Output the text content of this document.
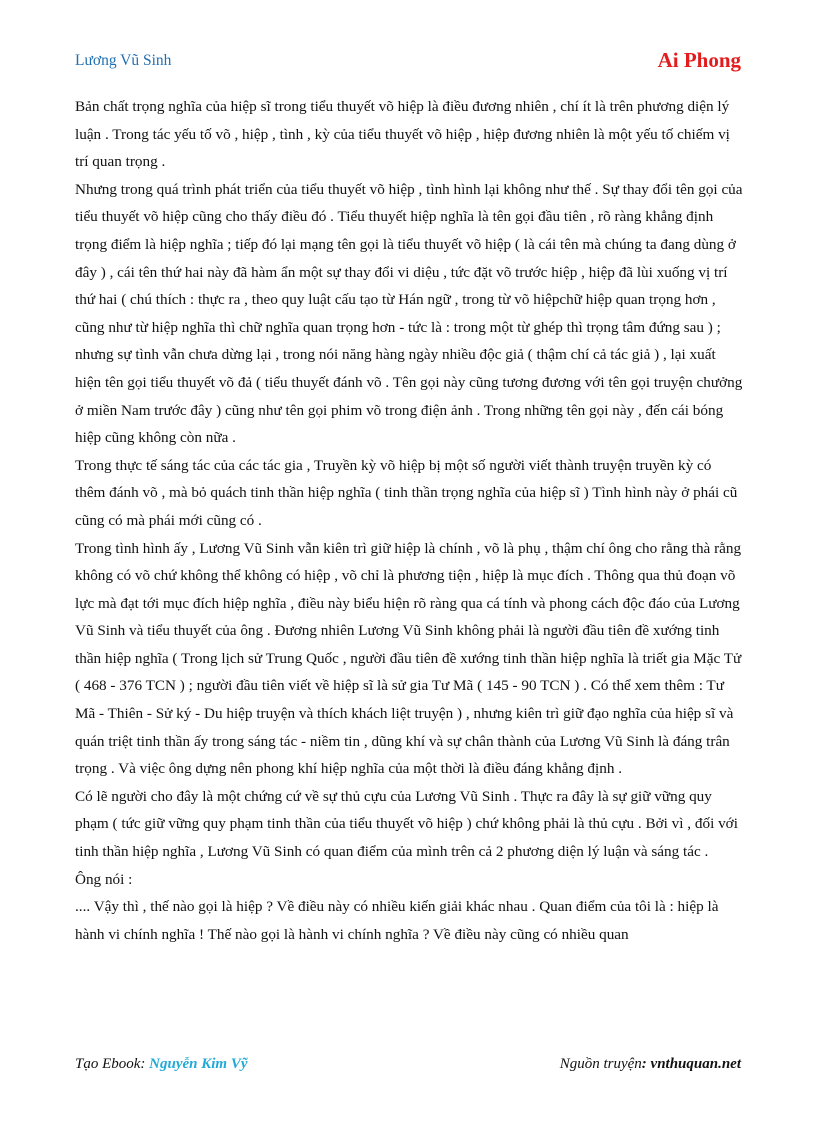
Lương Vũ Sinh	Ai Phong

Bản chất trọng nghĩa của hiệp sĩ trong tiểu thuyết võ hiệp là điều đương nhiên , chí ít là trên phương diện lý luận . Trong tác yếu tố võ , hiệp , tình , kỳ của tiểu thuyết võ hiệp , hiệp đương nhiên là một yếu tố chiếm vị trí quan trọng .

Nhưng trong quá trình phát triển của tiểu thuyết võ hiệp , tình hình lại không như thế . Sự thay đổi tên gọi của tiểu thuyết võ hiệp cũng cho thấy điều đó . Tiểu thuyết hiệp nghĩa là tên gọi đầu tiên , rõ ràng khẳng định trọng điểm là hiệp nghĩa ; tiếp đó lại mạng tên gọi là tiểu thuyết võ hiệp ( là cái tên mà chúng ta đang dùng ở đây ) , cái tên thứ hai này đã hàm ẩn một sự thay đổi vi diệu , tức đặt võ trước hiệp , hiệp đã lùi xuống vị trí thứ hai ( chú thích : thực ra , theo quy luật cấu tạo từ Hán ngữ , trong từ võ hiệpchữ hiệp quan trọng hơn , cũng như từ hiệp nghĩa thì chữ nghĩa quan trọng hơn - tức là : trong một từ ghép thì trọng tâm đứng sau ) ; nhưng sự tình vẫn chưa dừng lại , trong nói năng hàng ngày nhiều độc giả ( thậm chí cả tác giả ) , lại xuất hiện tên gọi tiểu thuyết võ đả ( tiểu thuyết đánh võ . Tên gọi này cũng tương đương với tên gọi truyện chưởng ở miền Nam trước đây ) cũng như tên gọi phim võ trong điện ảnh . Trong những tên gọi này , đến cái bóng hiệp cũng không còn nữa .

Trong thực tế sáng tác của các tác gia , Truyền kỳ võ hiệp bị một số người viết thành truyện truyền kỳ có thêm đánh võ , mà bỏ quách tinh thần hiệp nghĩa ( tinh thần trọng nghĩa của hiệp sĩ ) Tình hình này ở phái cũ cũng có mà phái mới cũng có .

Trong tình hình ấy , Lương Vũ Sinh vẫn kiên trì giữ hiệp là chính , võ là phụ , thậm chí ông cho rằng thà rằng không có võ chứ không thể không có hiệp , võ chỉ là phương tiện , hiệp là mục đích . Thông qua thủ đoạn võ lực mà đạt tới mục đích hiệp nghĩa , điều này biểu hiện rõ ràng qua cá tính và phong cách độc đáo của Lương Vũ Sinh và tiểu thuyết của ông . Đương nhiên Lương Vũ Sinh không phải là người đầu tiên đề xướng tinh thần hiệp nghĩa ( Trong lịch sử Trung Quốc , người đầu tiên đề xướng tinh thần hiệp nghĩa là triết gia Mặc Tử ( 468 - 376 TCN ) ; người đầu tiên viết về hiệp sĩ là sử gia Tư Mã ( 145 - 90 TCN ) . Có thể xem thêm : Tư Mã - Thiên - Sử ký - Du hiệp truyện và thích khách liệt truyện ) , nhưng kiên trì giữ đạo nghĩa của hiệp sĩ và quán triệt tinh thần ấy trong sáng tác - niềm tin , dũng khí và sự chân thành của Lương Vũ Sinh là đáng trân trọng . Và việc ông dựng nên phong khí hiệp nghĩa của một thời là điều đáng khẳng định .

Có lẽ người cho đây là một chứng cứ về sự thủ cựu của Lương Vũ Sinh . Thực ra đây là sự giữ vững quy phạm ( tức giữ vững quy phạm tinh thần của tiểu thuyết võ hiệp ) chứ không phải là thủ cựu . Bởi vì , đối với tinh thần hiệp nghĩa , Lương Vũ Sinh có quan điểm của mình trên cả 2 phương diện lý luận và sáng tác .

Ông nói :

.... Vậy thì , thế nào gọi là hiệp ? Về điều này có nhiều kiến giải khác nhau . Quan điểm của tôi là : hiệp là hành vi chính nghĩa ! Thế nào gọi là hành vi chính nghĩa ? Về điều này cũng có nhiều quan

Tạo Ebook: Nguyễn Kim Vỹ	Nguồn truyện: vnthuquan.net
